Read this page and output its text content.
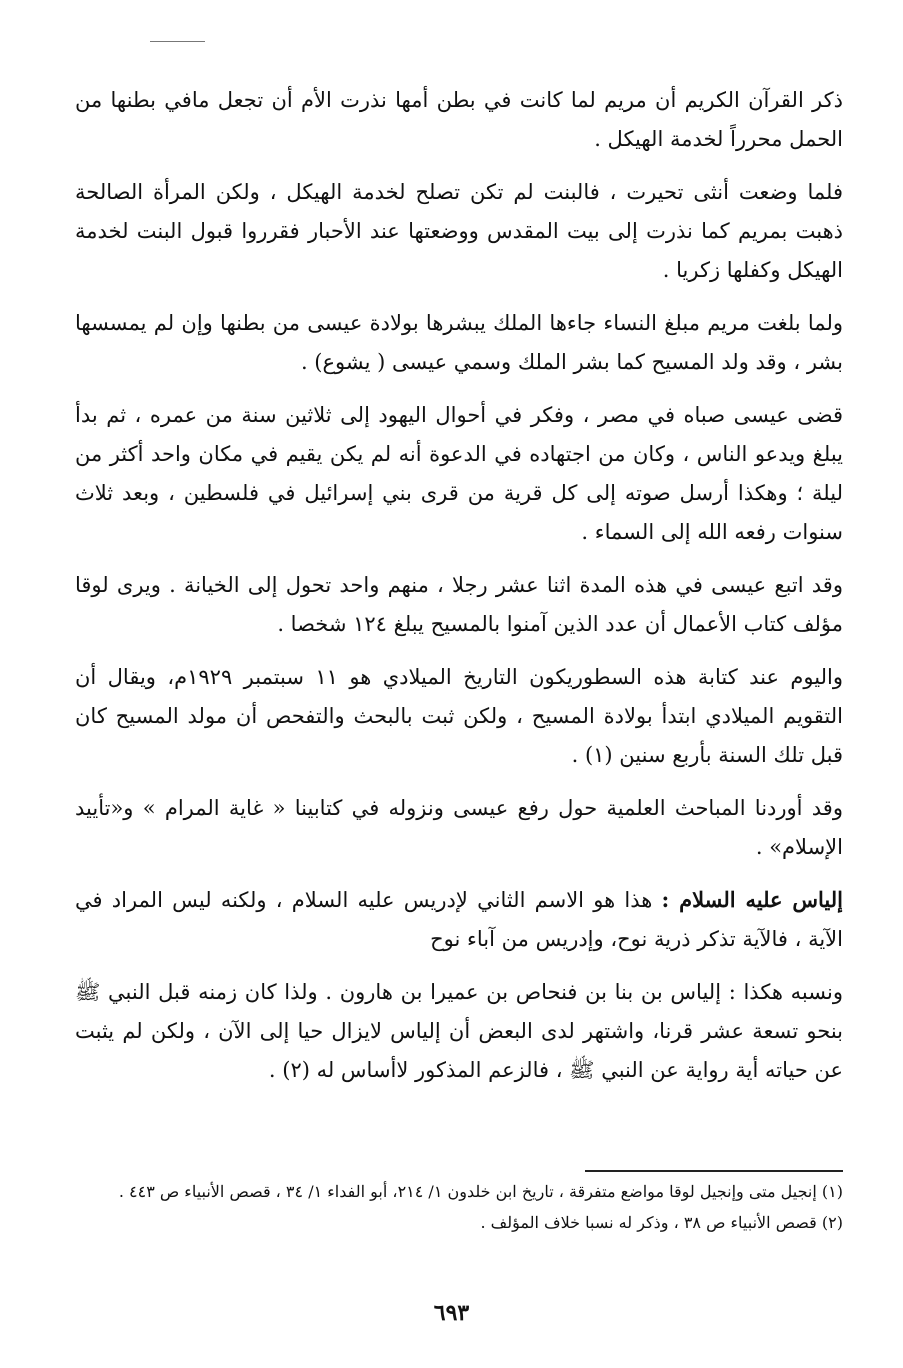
ذكر القرآن الكريم أن مريم لما كانت في بطن أمها نذرت الأم أن تجعل مافي بطنها من الحمل محرراً لخدمة الهيكل .

فلما وضعت أنثى تحيرت ، فالبنت لم تكن تصلح لخدمة الهيكل ، ولكن المرأة الصالحة ذهبت بمريم كما نذرت إلى بيت المقدس ووضعتها عند الأحبار فقرروا قبول البنت لخدمة الهيكل وكفلها زكريا .

ولما بلغت مريم مبلغ النساء جاءها الملك يبشرها بولادة عيسى من بطنها وإن لم يمسسها بشر ، وقد ولد المسيح كما بشر الملك وسمي عيسى ( يشوع) .

قضى عيسى صباه في مصر ، وفكر في أحوال اليهود إلى ثلاثين سنة من عمره ، ثم بدأ يبلغ ويدعو الناس ، وكان من اجتهاده في الدعوة أنه لم يكن يقيم في مكان واحد أكثر من ليلة ؛ وهكذا أرسل صوته إلى كل قرية من قرى بني إسرائيل في فلسطين ، وبعد ثلاث سنوات رفعه الله إلى السماء .

وقد اتبع عيسى في هذه المدة اثنا عشر رجلا ، منهم واحد تحول إلى الخيانة . ويرى لوقا مؤلف كتاب الأعمال أن عدد الذين آمنوا بالمسيح يبلغ ١٢٤ شخصا .

واليوم عند كتابة هذه السطوريكون التاريخ الميلادي هو ١١ سبتمبر ١٩٢٩م، ويقال أن التقويم الميلادي ابتدأ بولادة المسيح ، ولكن ثبت بالبحث والتفحص أن مولد المسيح كان قبل تلك السنة بأربع سنين (١) .

وقد أوردنا المباحث العلمية حول رفع عيسى ونزوله في كتابينا « غاية المرام » و«تأييد الإسلام» .

إلياس عليه السلام : هذا هو الاسم الثاني لإدريس عليه السلام ، ولكنه ليس المراد في الآية ، فالآية تذكر ذرية نوح، وإدريس من آباء نوح

ونسبه هكذا : إلياس بن بنا بن فنحاص بن عميرا بن هارون . ولذا كان زمنه قبل النبي ﷺ بنحو تسعة عشر قرنا، واشتهر لدى البعض أن إلياس لايزال حيا إلى الآن ، ولكن لم يثبت عن حياته أية رواية عن النبي ﷺ ، فالزعم المذكور لاأساس له (٢) .

(١) إنجيل متى وإنجيل لوقا مواضع متفرقة ، تاريخ ابن خلدون ١/ ٢١٤، أبو الفداء ١/ ٣٤ ، قصص الأنبياء ص ٤٤٣ .

(٢) قصص الأنبياء ص ٣٨ ، وذكر له نسبا خلاف المؤلف .

٦٩٣
